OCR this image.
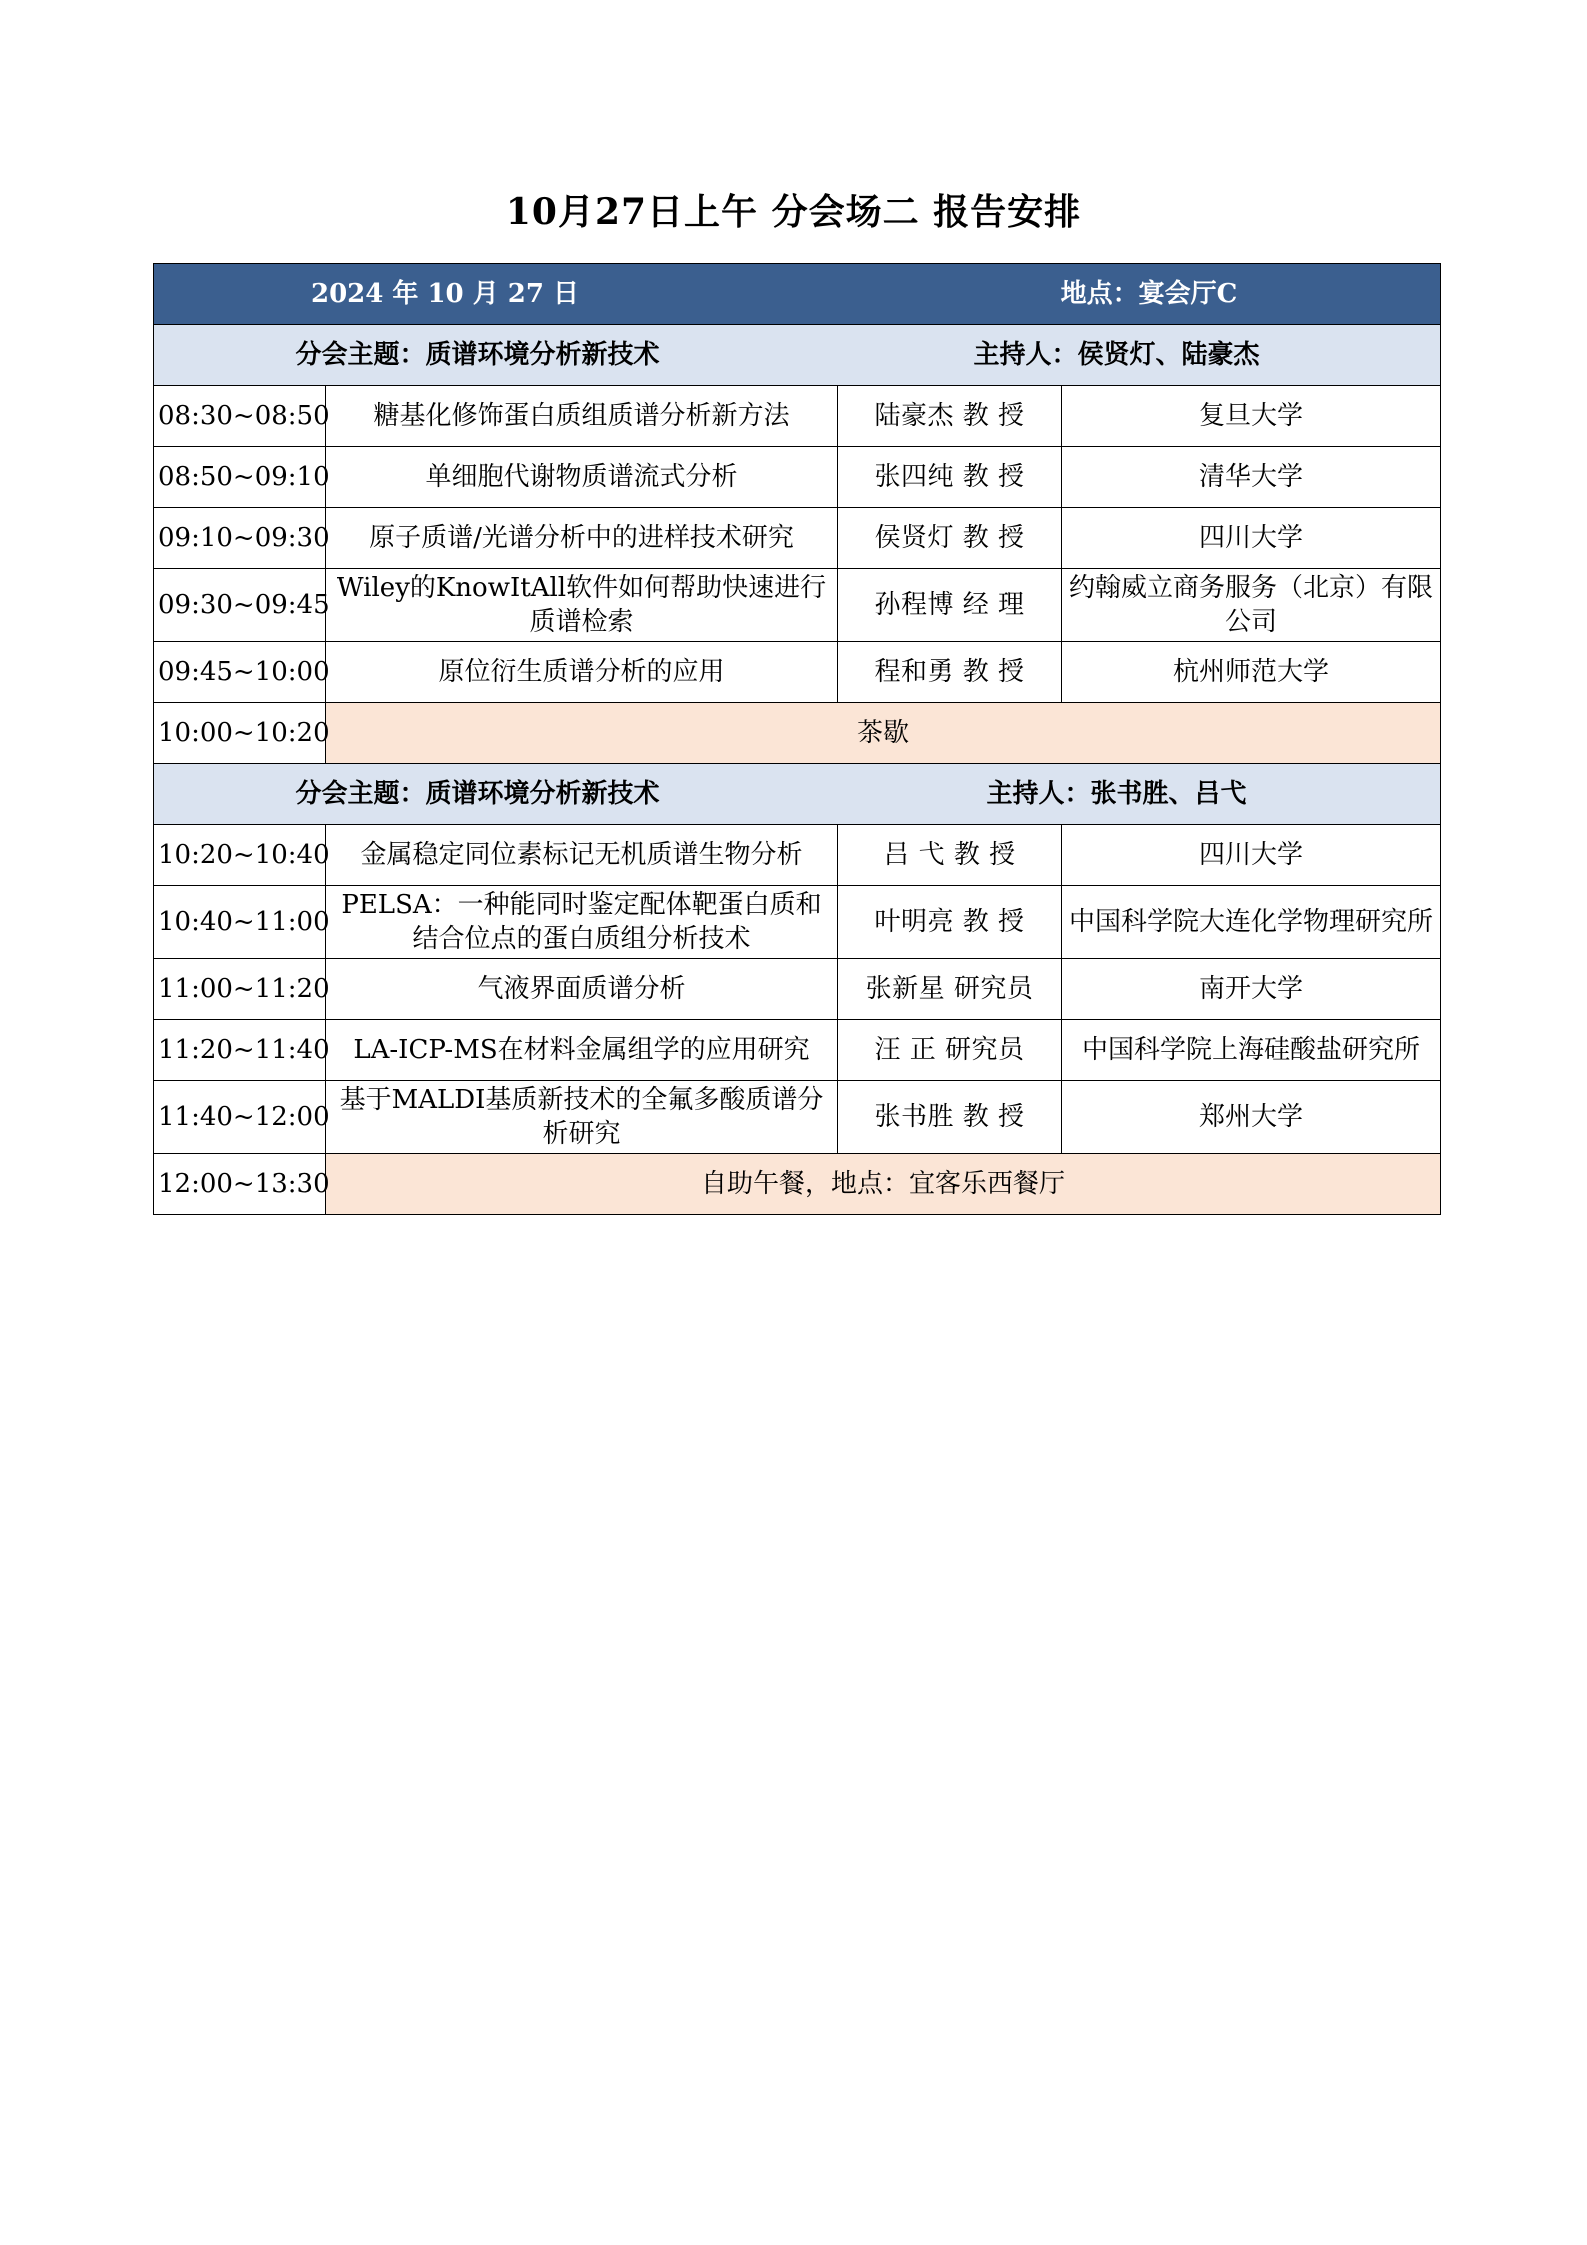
10月27日上午 分会场二 报告安排
2024 年 10 月 27 日 地点：宴会厅C			

分会主题：质谱环境分析新技术 主持人：侯贤灯、陆豪杰			

08:30~08:50	糖基化修饰蛋白质组质谱分析新方法	陆豪杰 教 授	复旦大学
08:50~09:10	单细胞代谢物质谱流式分析	张四纯 教 授	清华大学
09:10~09:30	原子质谱/光谱分析中的进样技术研究	侯贤灯 教 授	四川大学
09:30~09:45	Wiley的KnowItAll软件如何帮助快速进行质谱检索	孙程博 经 理	约翰威立商务服务（北京）有限公司
09:45~10:00	原位衍生质谱分析的应用	程和勇 教 授	杭州师范大学
10:00~10:20	茶歇		

分会主题：质谱环境分析新技术 主持人：张书胜、吕弋			

10:20~10:40	金属稳定同位素标记无机质谱生物分析	吕 弋 教 授	四川大学
10:40~11:00	PELSA：一种能同时鉴定配体靶蛋白质和结合位点的蛋白质组分析技术	叶明亮 教 授	中国科学院大连化学物理研究所
11:00~11:20	气液界面质谱分析	张新星 研究员	南开大学
11:20~11:40	LA-ICP-MS在材料金属组学的应用研究	汪 正 研究员	中国科学院上海硅酸盐研究所
11:40~12:00	基于MALDI基质新技术的全氟多酸质谱分析研究	张书胜 教 授	郑州大学
12:00~13:30	自助午餐，地点：宜客乐西餐厅		
